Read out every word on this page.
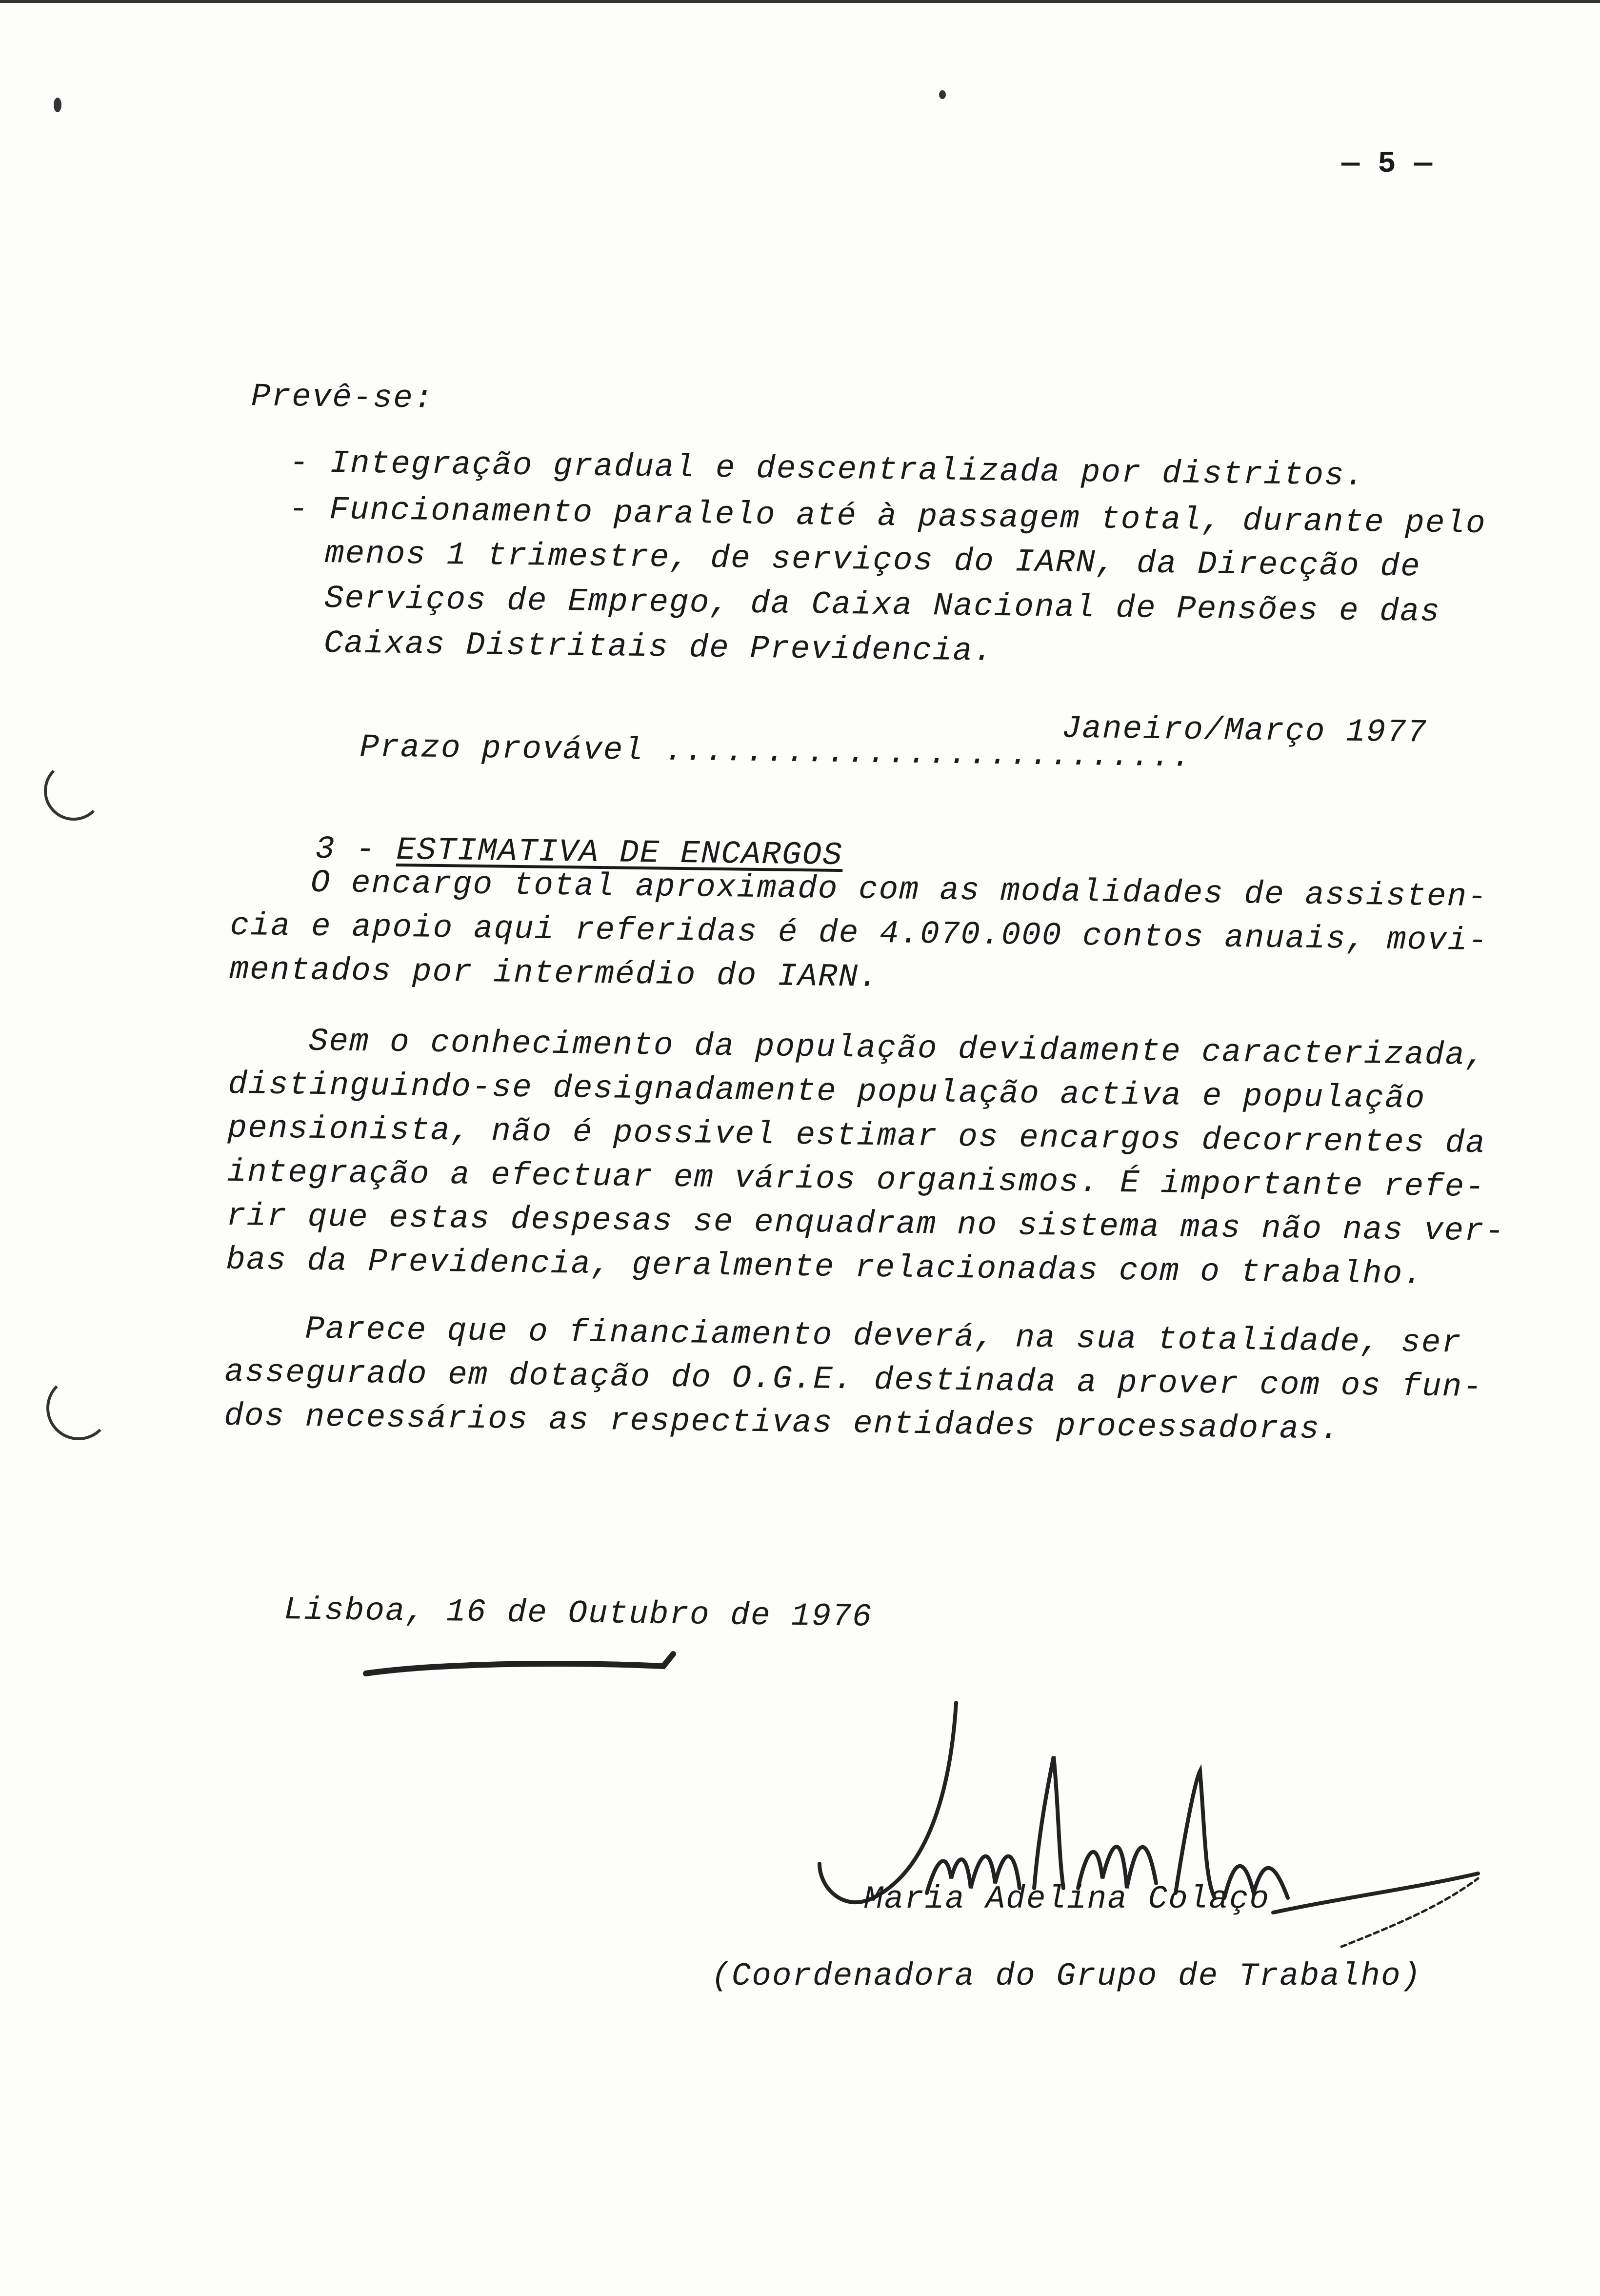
— 5 —
Prevê-se:
- Integração gradual e descentralizada por distritos.
- Funcionamento paralelo até à passagem total, durante pelo
menos 1 trimestre, de serviços do IARN, da Direcção de
Serviços de Emprego, da Caixa Nacional de Pensões e das
Caixas Distritais de Previdencia.

Prazo provável ..........................

Janeiro/Março 1977

3 - ESTIMATIVA DE ENCARGOS

O encargo total aproximado com as modalidades de assisten-
cia e apoio aqui referidas é de 4.070.000 contos anuais, movi-
mentados por intermédio do IARN.
Sem o conhecimento da população devidamente caracterizada,
distinguindo-se designadamente população activa e população
pensionista, não é possivel estimar os encargos decorrentes da
integração a efectuar em vários organismos. É importante refe-
rir que estas despesas se enquadram no sistema mas não nas ver-
bas da Previdencia, geralmente relacionadas com o trabalho.
Parece que o financiamento deverá, na sua totalidade, ser
assegurado em dotação do O.G.E. destinada a prover com os fun-
dos necessários as respectivas entidades processadoras.

Lisboa, 16 de Outubro de 1976

Maria Adelina Colaço
(Coordenadora do Grupo de Trabalho)
